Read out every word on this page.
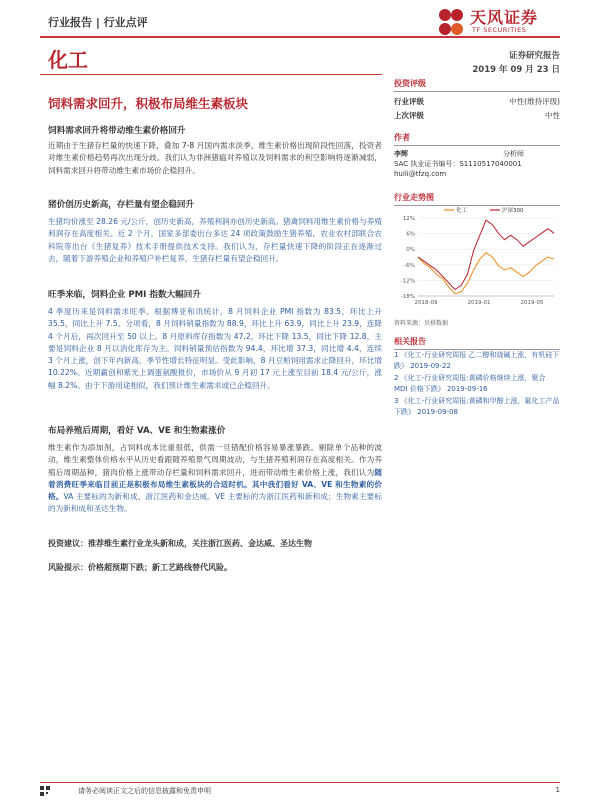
行业报告 | 行业点评	天风证券
TF SECURITIES
化工	证券研究报告
2019 年 09 月 23 日
饲料需求回升，积极布局维生素板块
饲料需求回升将带动维生素价格回升
近期由于生猪存栏量的快速下降，叠加 7-8 月国内需求淡季，维生素价格出现阶段性回落，投资者对维生素价格趋势再次出现分歧。我们认为非洲猪瘟对养殖以及饲料需求的利空影响将逐渐减弱，饲料需求回升将带动维生素市场价企稳回升。
猪价创历史新高，存栏量有望企稳回升
生猪均价涨至 28.26 元/公斤，创历史新高，养殖利润亦创历史新高。猪禽饲料用维生素价格与养殖利润存在高度相关。近 2 个月，国家多部委出台多达 24 项政策鼓励生猪养殖，农业农村部联合农科院等出台《生猪复养》技术手册提供技术支持。我们认为，存栏量快速下降的阶段正在逐渐过去，随着下游养殖企业和养殖户补栏复养，生猪存栏量有望企稳回升。
旺季来临，饲料企业 PMI 指数大幅回升
4 季度历来是饲料需求旺季。根据博亚和讯统计，8 月饲料企业 PMI 指数为 83.5，环比上升 35.5，同比上升 7.5。分项看，8 月饲料销量指数为 88.9，环比上升 63.9，同比上升 23.9，连降 4 个月后，再次回升至 50 以上。8 月原料库存指数为 47.2，环比下降 13.5，同比下降 12.8，主要是饲料企业 8 月以消化库存为主。饲料销量预估指数为 94.4，环比增 37.3，同比增 4.4，连续 3 个月上涨，创下年内新高，季节性增长特征明显。受此影响，8 月豆粕饲用需求止降回升，环比增 10.22%。近期赢创和紫光上调蛋氨酸报价，市场价从 9 月初 17 元上涨至目前 18.4 元/公斤，涨幅 8.2%。由于下游用途相似，我们预计维生素需求或已企稳回升。
布局养殖后周期，看好 VA、VE 和生物素涨价
维生素作为添加剂，占饲料成本比重很低，供需一旦错配价格容易暴涨暴跌。剔除单个品种的波动，维生素整体价格水平从历史看跟随养殖景气周期波动，与生猪养殖利润存在高度相关。作为养殖后周期品种，猪肉价格上涨带动存栏量和饲料需求回升，进而带动维生素价格上涨，我们认为随着消费旺季来临目前正是积极布局维生素板块的合适时机。其中我们看好 VA、VE 和生物素的价格。VA 主要标的为新和成、浙江医药和金达威。VE 主要标的为浙江医药和新和成；生物素主要标的为新和成和圣达生物。
投资建议：推荐维生素行业龙头新和成，关注浙江医药、金达威、圣达生物
风险提示：价格超预期下跌；新工艺路线替代风险。
投资评级
行业评级	中性(维持评级)
上次评级	中性
作者
李辉	分析师
SAC 执业证书编号：S1110517040001
huili@tfzq.com
行业走势图
12%
6%
0%
-6%
-12%
-18%
2018-09	2019-01	2019-05
化工	沪深300
资料来源：贝格数据
相关报告
1 《化工-行业研究周报 乙二醇和烧碱上涨，有机硅下跌》 2019-09-22
2 《化工-行业研究周报:黄磷价格继续上涨，聚合 MDI 价格下跌》 2019-09-16
3 《化工-行业研究周报:黄磷和甲醇上涨，氟化工产品下跌》 2019-09-08
请务必阅读正文之后的信息披露和免责申明	1
